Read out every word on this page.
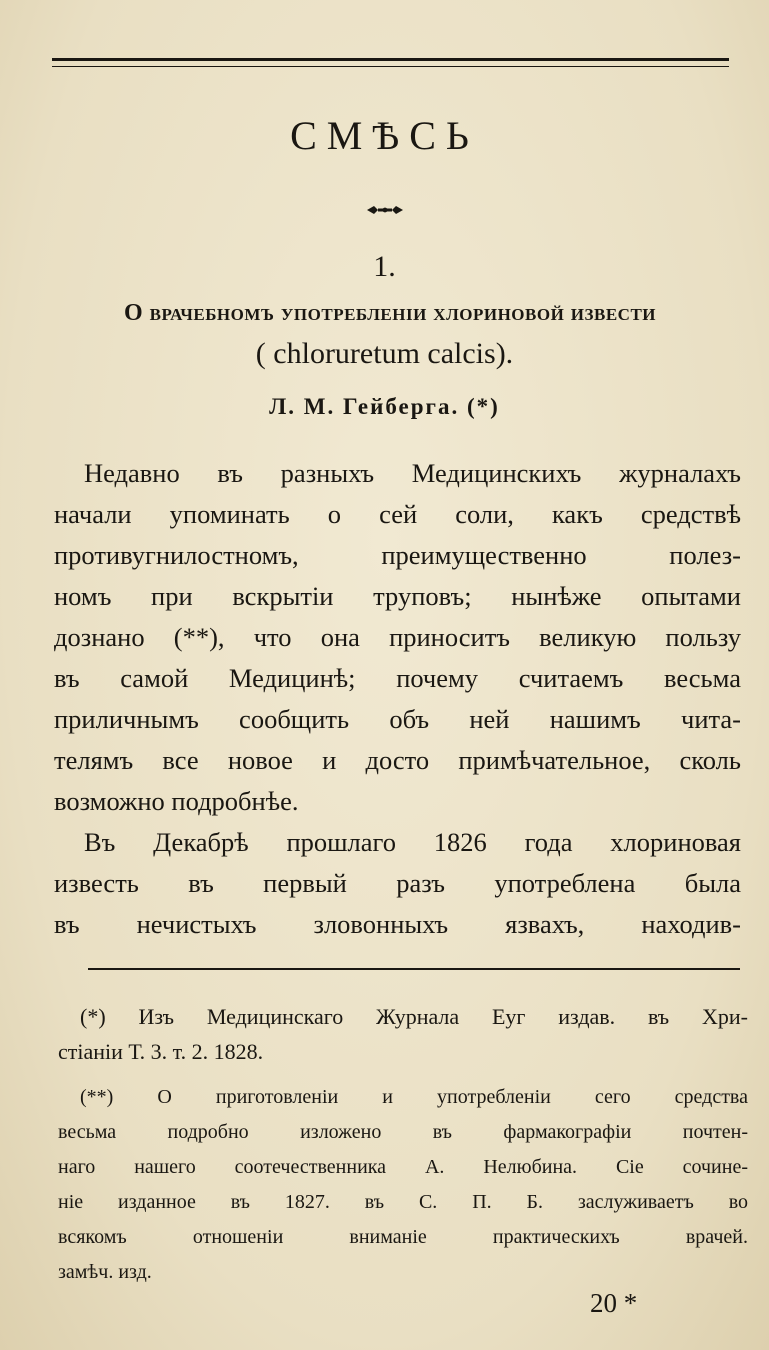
СМѢСЬ
1.
О врачебномъ употребленіи хлориновой извести
( chloruretum calcis).
Л. М. Гейберга. (*)
Недавно въ разныхъ Медицинскихъ журналахъ
начали упоминать о сей соли, какъ средствѣ
противугнилостномъ, преимущественно полез-
номъ при вскрытіи труповъ; нынѣже опытами
дознано (**), что она приноситъ великую пользу
въ самой Медицинѣ; почему считаемъ весьма
приличнымъ сообщить объ ней нашимъ чита-
телямъ все новое и досто примѣчательное, сколь
возможно подробнѣе.
Въ Декабрѣ прошлаго 1826 года хлориновая
известь въ первый разъ употреблена была
въ нечистыхъ зловонныхъ язвахъ, находив-
(*) Изъ Медицинскаго Журнала Еуг издав. въ Хри-
стіаніи Т. 3. т. 2. 1828.
(**) О приготовленіи и употребленіи сего средства
весьма подробно изложено въ фармакографіи почтен-
наго нашего соотечественника А. Нелюбина. Сіе сочине-
ніе изданное въ 1827. въ С. П. Б. заслуживаетъ во
всякомъ отношеніи вниманіе практическихъ врачей.
замѣч. изд.
20 *
